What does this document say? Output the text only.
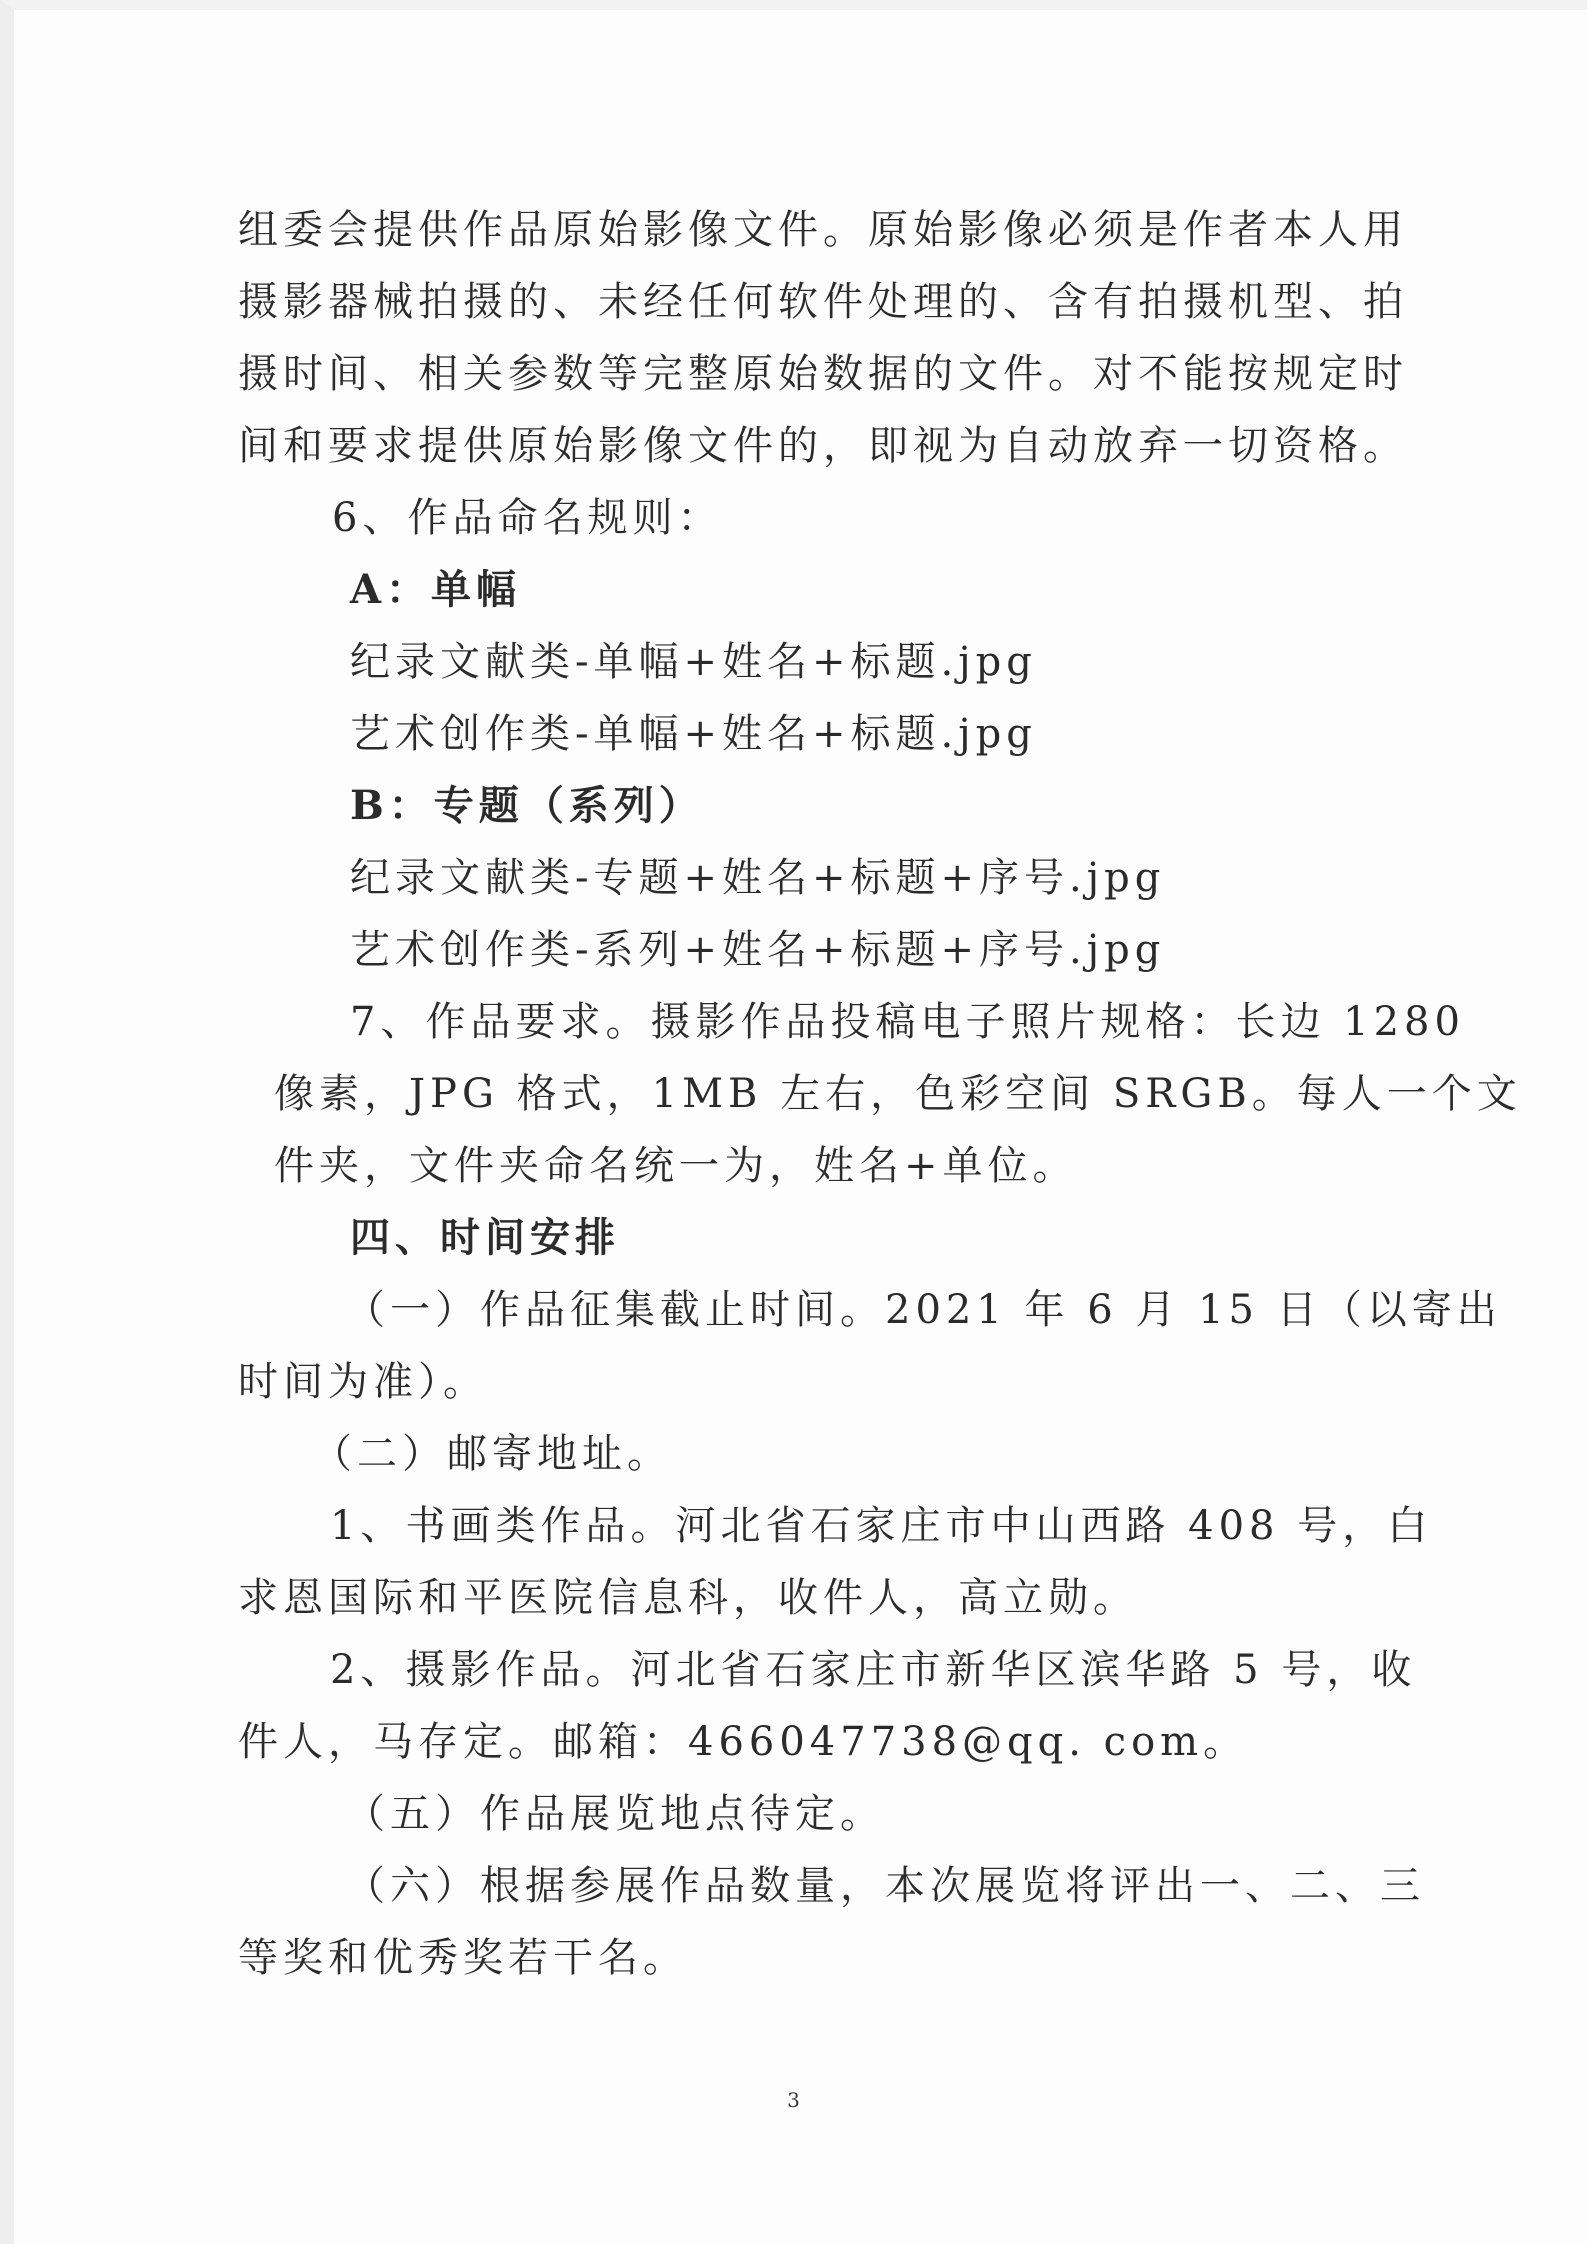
组委会提供作品原始影像文件。原始影像必须是作者本人用
摄影器械拍摄的、未经任何软件处理的、含有拍摄机型、拍
摄时间、相关参数等完整原始数据的文件。对不能按规定时
间和要求提供原始影像文件的，即视为自动放弃一切资格。
6、作品命名规则：
A：单幅
纪录文献类-单幅+姓名+标题.jpg
艺术创作类-单幅+姓名+标题.jpg
B：专题（系列）
纪录文献类-专题+姓名+标题+序号.jpg
艺术创作类-系列+姓名+标题+序号.jpg
7、作品要求。摄影作品投稿电子照片规格：长边 1280
像素，JPG 格式，1MB 左右，色彩空间 SRGB。每人一个文
件夹，文件夹命名统一为，姓名+单位。
四、时间安排
（一）作品征集截止时间。2021 年 6 月 15 日（以寄出
时间为准）。
（二）邮寄地址。
1、书画类作品。河北省石家庄市中山西路 408 号，白
求恩国际和平医院信息科，收件人，高立勋。
2、摄影作品。河北省石家庄市新华区滨华路 5 号，收
件人，马存定。邮箱：466047738@qq. com。
（五）作品展览地点待定。
（六）根据参展作品数量，本次展览将评出一、二、三
等奖和优秀奖若干名。
3
